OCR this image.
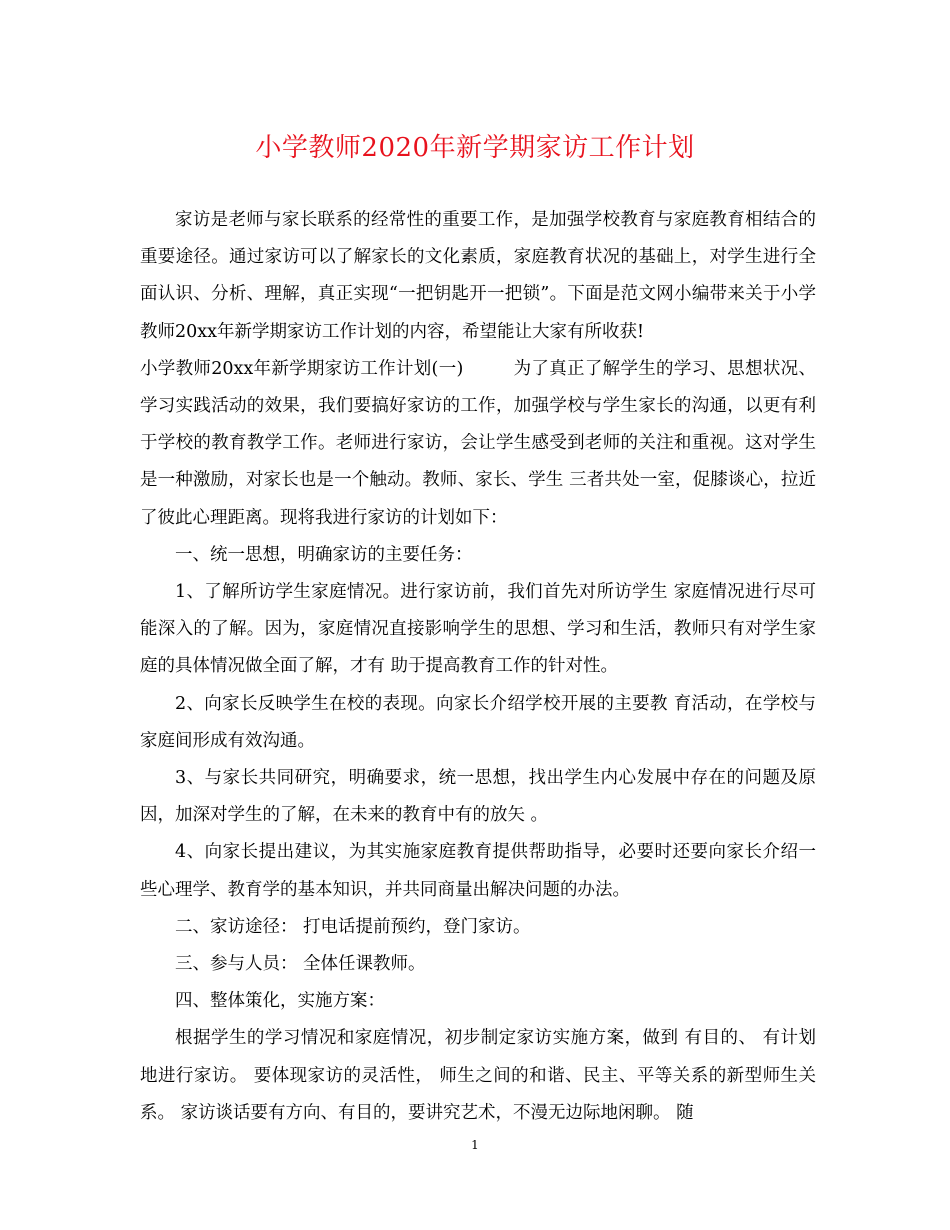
小学教师2020年新学期家访工作计划

家访是老师与家长联系的经常性的重要工作，是加强学校教育与家庭教育相结合的重要途径。通过家访可以了解家长的文化素质，家庭教育状况的基础上，对学生进行全面认识、分析、理解，真正实现“一把钥匙开一把锁”。下面是范文网小编带来关于小学教师20xx年新学期家访工作计划的内容，希望能让大家有所收获!

小学教师20xx年新学期家访工作计划(一)	为了真正了解学生的学习、思想状况、学习实践活动的效果，我们要搞好家访的工作，加强学校与学生家长的沟通，以更有利于学校的教育教学工作。老师进行家访，会让学生感受到老师的关注和重视。这对学生是一种激励，对家长也是一个触动。教师、家长、学生 三者共处一室，促膝谈心，拉近了彼此心理距离。现将我进行家访的计划如下：

一、统一思想，明确家访的主要任务：

1、了解所访学生家庭情况。进行家访前，我们首先对所访学生 家庭情况进行尽可能深入的了解。因为，家庭情况直接影响学生的思想、学习和生活，教师只有对学生家庭的具体情况做全面了解，才有 助于提高教育工作的针对性。

2、向家长反映学生在校的表现。向家长介绍学校开展的主要教 育活动，在学校与家庭间形成有效沟通。

3、与家长共同研究，明确要求，统一思想，找出学生内心发展中存在的问题及原因，加深对学生的了解，在未来的教育中有的放矢 。

4、向家长提出建议，为其实施家庭教育提供帮助指导，必要时还要向家长介绍一些心理学、教育学的基本知识，并共同商量出解决问题的办法。

二、家访途径： 打电话提前预约，登门家访。

三、参与人员： 全体任课教师。

四、整体策化，实施方案：

根据学生的学习情况和家庭情况，初步制定家访实施方案，做到 有目的、 有计划地进行家访。 要体现家访的灵活性， 师生之间的和谐、民主、平等关系的新型师生关系。 家访谈话要有方向、有目的，要讲究艺术，不漫无边际地闲聊。 随

1
